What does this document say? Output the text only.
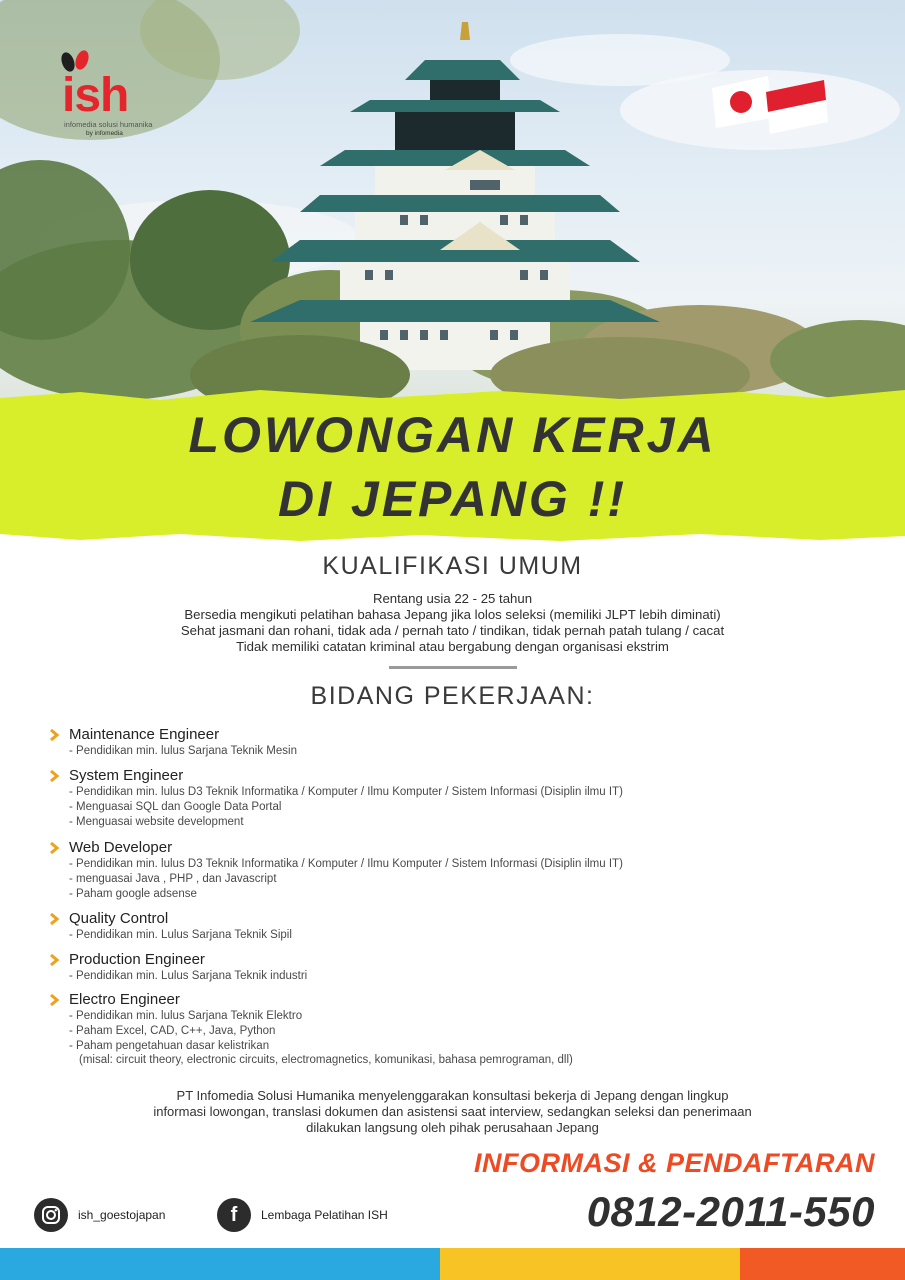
ish
infomedia solusi humanika
by infomedia
LOWONGAN KERJA
DI JEPANG !!
KUALIFIKASI UMUM
Rentang usia 22 - 25 tahun
Bersedia mengikuti pelatihan bahasa Jepang jika lolos seleksi (memiliki JLPT lebih diminati)
Sehat jasmani dan rohani, tidak ada / pernah tato / tindikan, tidak pernah patah tulang / cacat
Tidak memiliki catatan kriminal atau bergabung dengan organisasi ekstrim
BIDANG PEKERJAAN:
Maintenance Engineer
- Pendidikan min. lulus Sarjana Teknik Mesin
System Engineer
- Pendidikan min. lulus D3 Teknik Informatika / Komputer / Ilmu Komputer / Sistem Informasi (Disiplin ilmu IT)
- Menguasai SQL dan Google Data Portal
- Menguasai website development
Web Developer
- Pendidikan min. lulus D3 Teknik Informatika / Komputer / Ilmu Komputer / Sistem Informasi (Disiplin ilmu IT)
- menguasai Java , PHP , dan Javascript
- Paham google adsense
Quality Control
- Pendidikan min. Lulus Sarjana Teknik Sipil
Production Engineer
- Pendidikan min. Lulus Sarjana Teknik industri
Electro Engineer
- Pendidikan min. lulus Sarjana Teknik Elektro
- Paham Excel, CAD, C++, Java, Python
- Paham pengetahuan dasar kelistrikan
(misal: circuit theory, electronic circuits, electromagnetics, komunikasi, bahasa pemrograman, dll)
PT Infomedia Solusi Humanika menyelenggarakan konsultasi bekerja di Jepang dengan lingkup
informasi lowongan, translasi dokumen dan asistensi saat interview, sedangkan seleksi dan penerimaan
dilakukan langsung oleh pihak perusahaan Jepang
INFORMASI & PENDAFTARAN
0812-2011-550
ish_goestojapan	f Lembaga Pelatihan ISH
